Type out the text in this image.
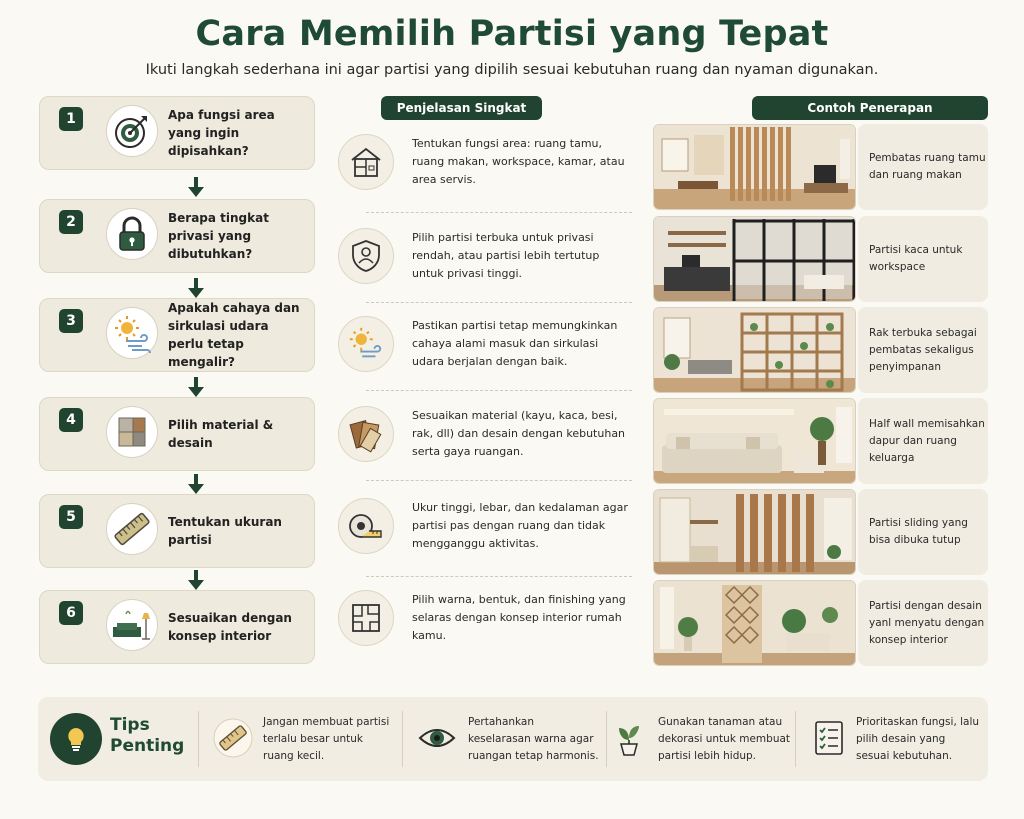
Cara Memilih Partisi yang Tepat
Ikuti langkah sederhana ini agar partisi yang dipilih sesuai kebutuhan ruang dan nyaman digunakan.
1	Apa fungsi area yang ingin dipisahkan?
2	Berapa tingkat privasi yang dibutuhkan?
3
Apakah cahaya dan sirkulasi udara perlu tetap mengalir?
4	Pilih material & desain
5	Tentukan ukuran partisi
6	Sesuaikan dengan konsep interior
Penjelasan Singkat
Tentukan fungsi area: ruang tamu, ruang makan, workspace, kamar, atau area servis.
Pilih partisi terbuka untuk privasi rendah, atau partisi lebih tertutup untuk privasi tinggi.
Pastikan partisi tetap memungkinkan cahaya alami masuk dan sirkulasi udara berjalan dengan baik.
Sesuaikan material (kayu, kaca, besi, rak, dll) dan desain dengan kebutuhan serta gaya ruangan.
Ukur tinggi, lebar, dan kedalaman agar partisi pas dengan ruang dan tidak mengganggu aktivitas.
Pilih warna, bentuk, dan finishing yang selaras dengan konsep interior rumah kamu.
Contoh Penerapan
Pembatas ruang tamu dan ruang makan
Partisi kaca untuk workspace
Rak terbuka sebagai pembatas sekaligus penyimpanan
Half wall memisahkan dapur dan ruang keluarga
Partisi sliding yang bisa dibuka tutup
Partisi dengan desain yanl menyatu dengan konsep interior
Tips
Penting
Jangan membuat partisi terlalu besar untuk ruang kecil.
Pertahankan keselarasan warna agar ruangan tetap harmonis.
Gunakan tanaman atau dekorasi untuk membuat partisi lebih hidup.
Prioritaskan fungsi, lalu pilih desain yang sesuai kebutuhan.
